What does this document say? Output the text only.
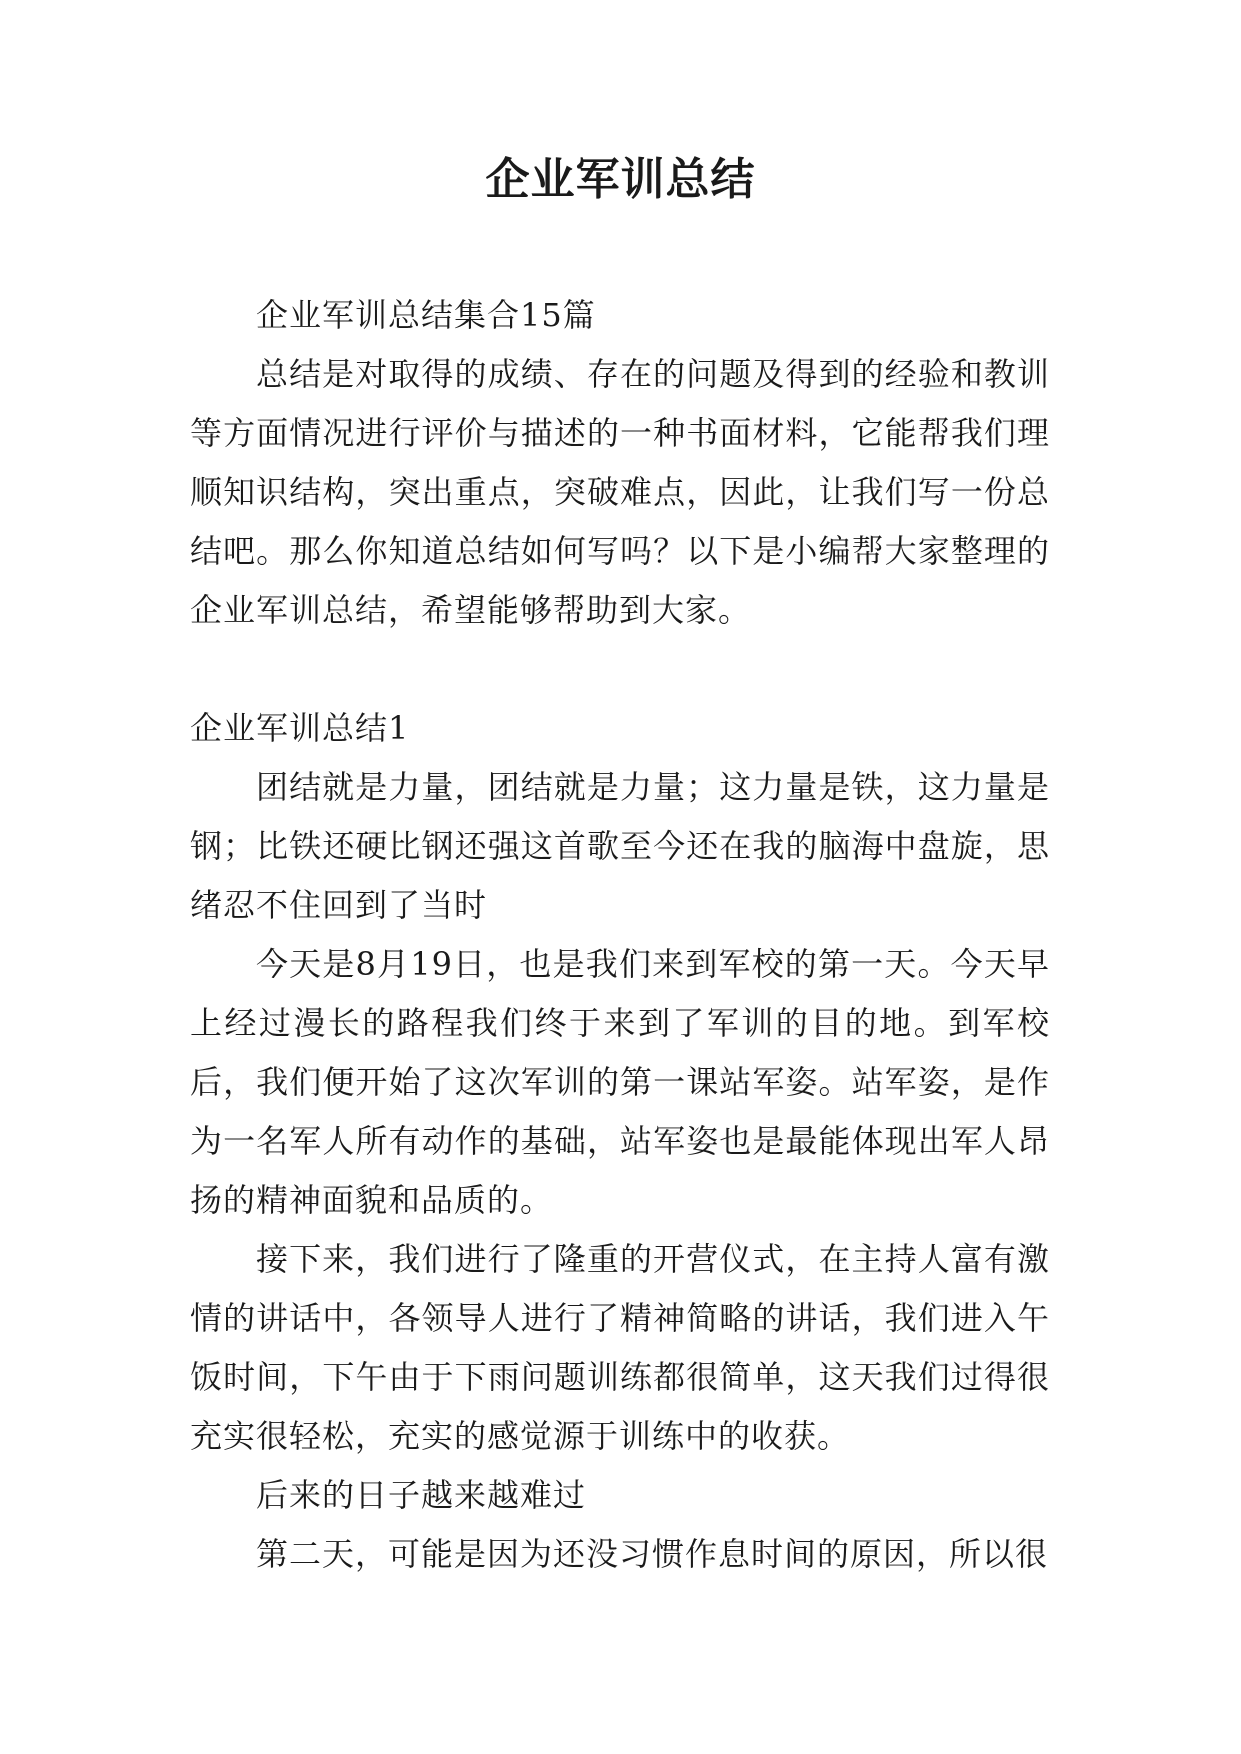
企业军训总结

企业军训总结集合15篇

总结是对取得的成绩、存在的问题及得到的经验和教训等方面情况进行评价与描述的一种书面材料，它能帮我们理顺知识结构，突出重点，突破难点，因此，让我们写一份总结吧。那么你知道总结如何写吗？以下是小编帮大家整理的企业军训总结，希望能够帮助到大家。

企业军训总结1

团结就是力量，团结就是力量；这力量是铁，这力量是钢；比铁还硬比钢还强这首歌至今还在我的脑海中盘旋，思绪忍不住回到了当时

今天是8月19日，也是我们来到军校的第一天。今天早上经过漫长的路程我们终于来到了军训的目的地。到军校后，我们便开始了这次军训的第一课站军姿。站军姿，是作为一名军人所有动作的基础，站军姿也是最能体现出军人昂扬的精神面貌和品质的。

接下来，我们进行了隆重的开营仪式，在主持人富有激情的讲话中，各领导人进行了精神简略的讲话，我们进入午饭时间，下午由于下雨问题训练都很简单，这天我们过得很充实很轻松，充实的感觉源于训练中的收获。

后来的日子越来越难过

第二天，可能是因为还没习惯作息时间的原因，所以很
